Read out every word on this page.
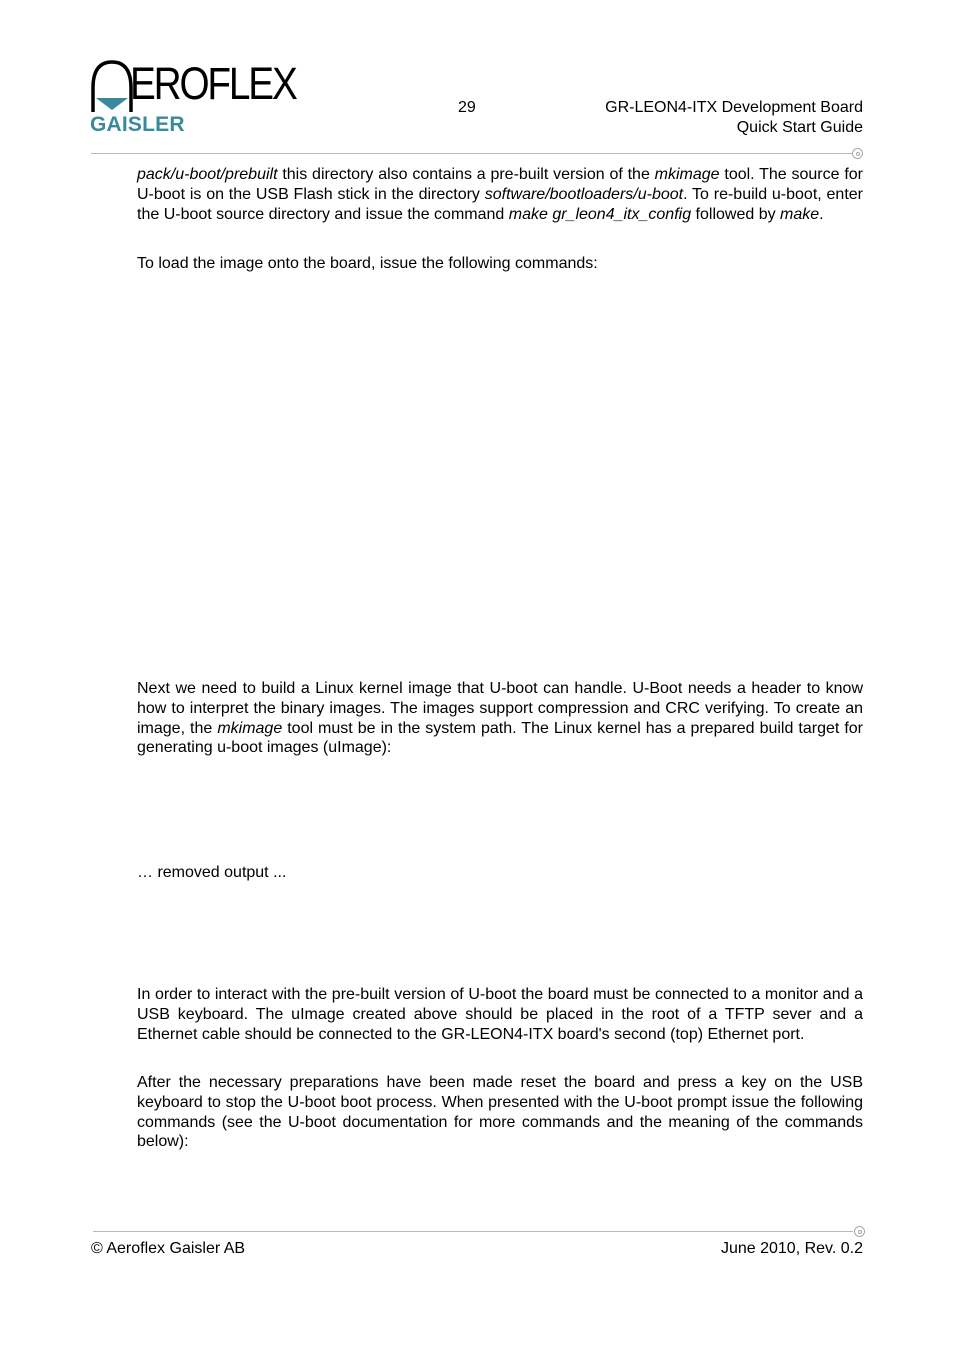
EROFLEX
GAISLER
29	GR-LEON4-ITX Development Board
Quick Start Guide
pack/u-boot/prebuilt this directory also contains a pre-built version of the mkimage tool. The source for U-boot is on the USB Flash stick in the directory software/bootloaders/u-boot. To re-build u-boot, enter the U-boot source directory and issue the command make gr_leon4_itx_config followed by make.
To load the image onto the board, issue the following commands:
Next we need to build a Linux kernel image that U-boot can handle. U-Boot needs a header to know how to interpret the binary images. The images support compression and CRC verifying. To create an image, the mkimage tool must be in the system path. The Linux kernel has a prepared build target for generating u-boot images (uImage):
… removed output ...
In order to interact with the pre-built version of U-boot the board must be connected to a monitor and a USB keyboard. The uImage created above should be placed in the root of a TFTP sever and a Ethernet cable should be connected to the GR-LEON4-ITX board's second (top) Ethernet port.
After the necessary preparations have been made reset the board and press a key on the USB keyboard to stop the U-boot boot process. When presented with the U-boot prompt issue the following commands (see the U-boot documentation for more commands and the meaning of the commands below):
© Aeroflex Gaisler AB	June 2010, Rev. 0.2
